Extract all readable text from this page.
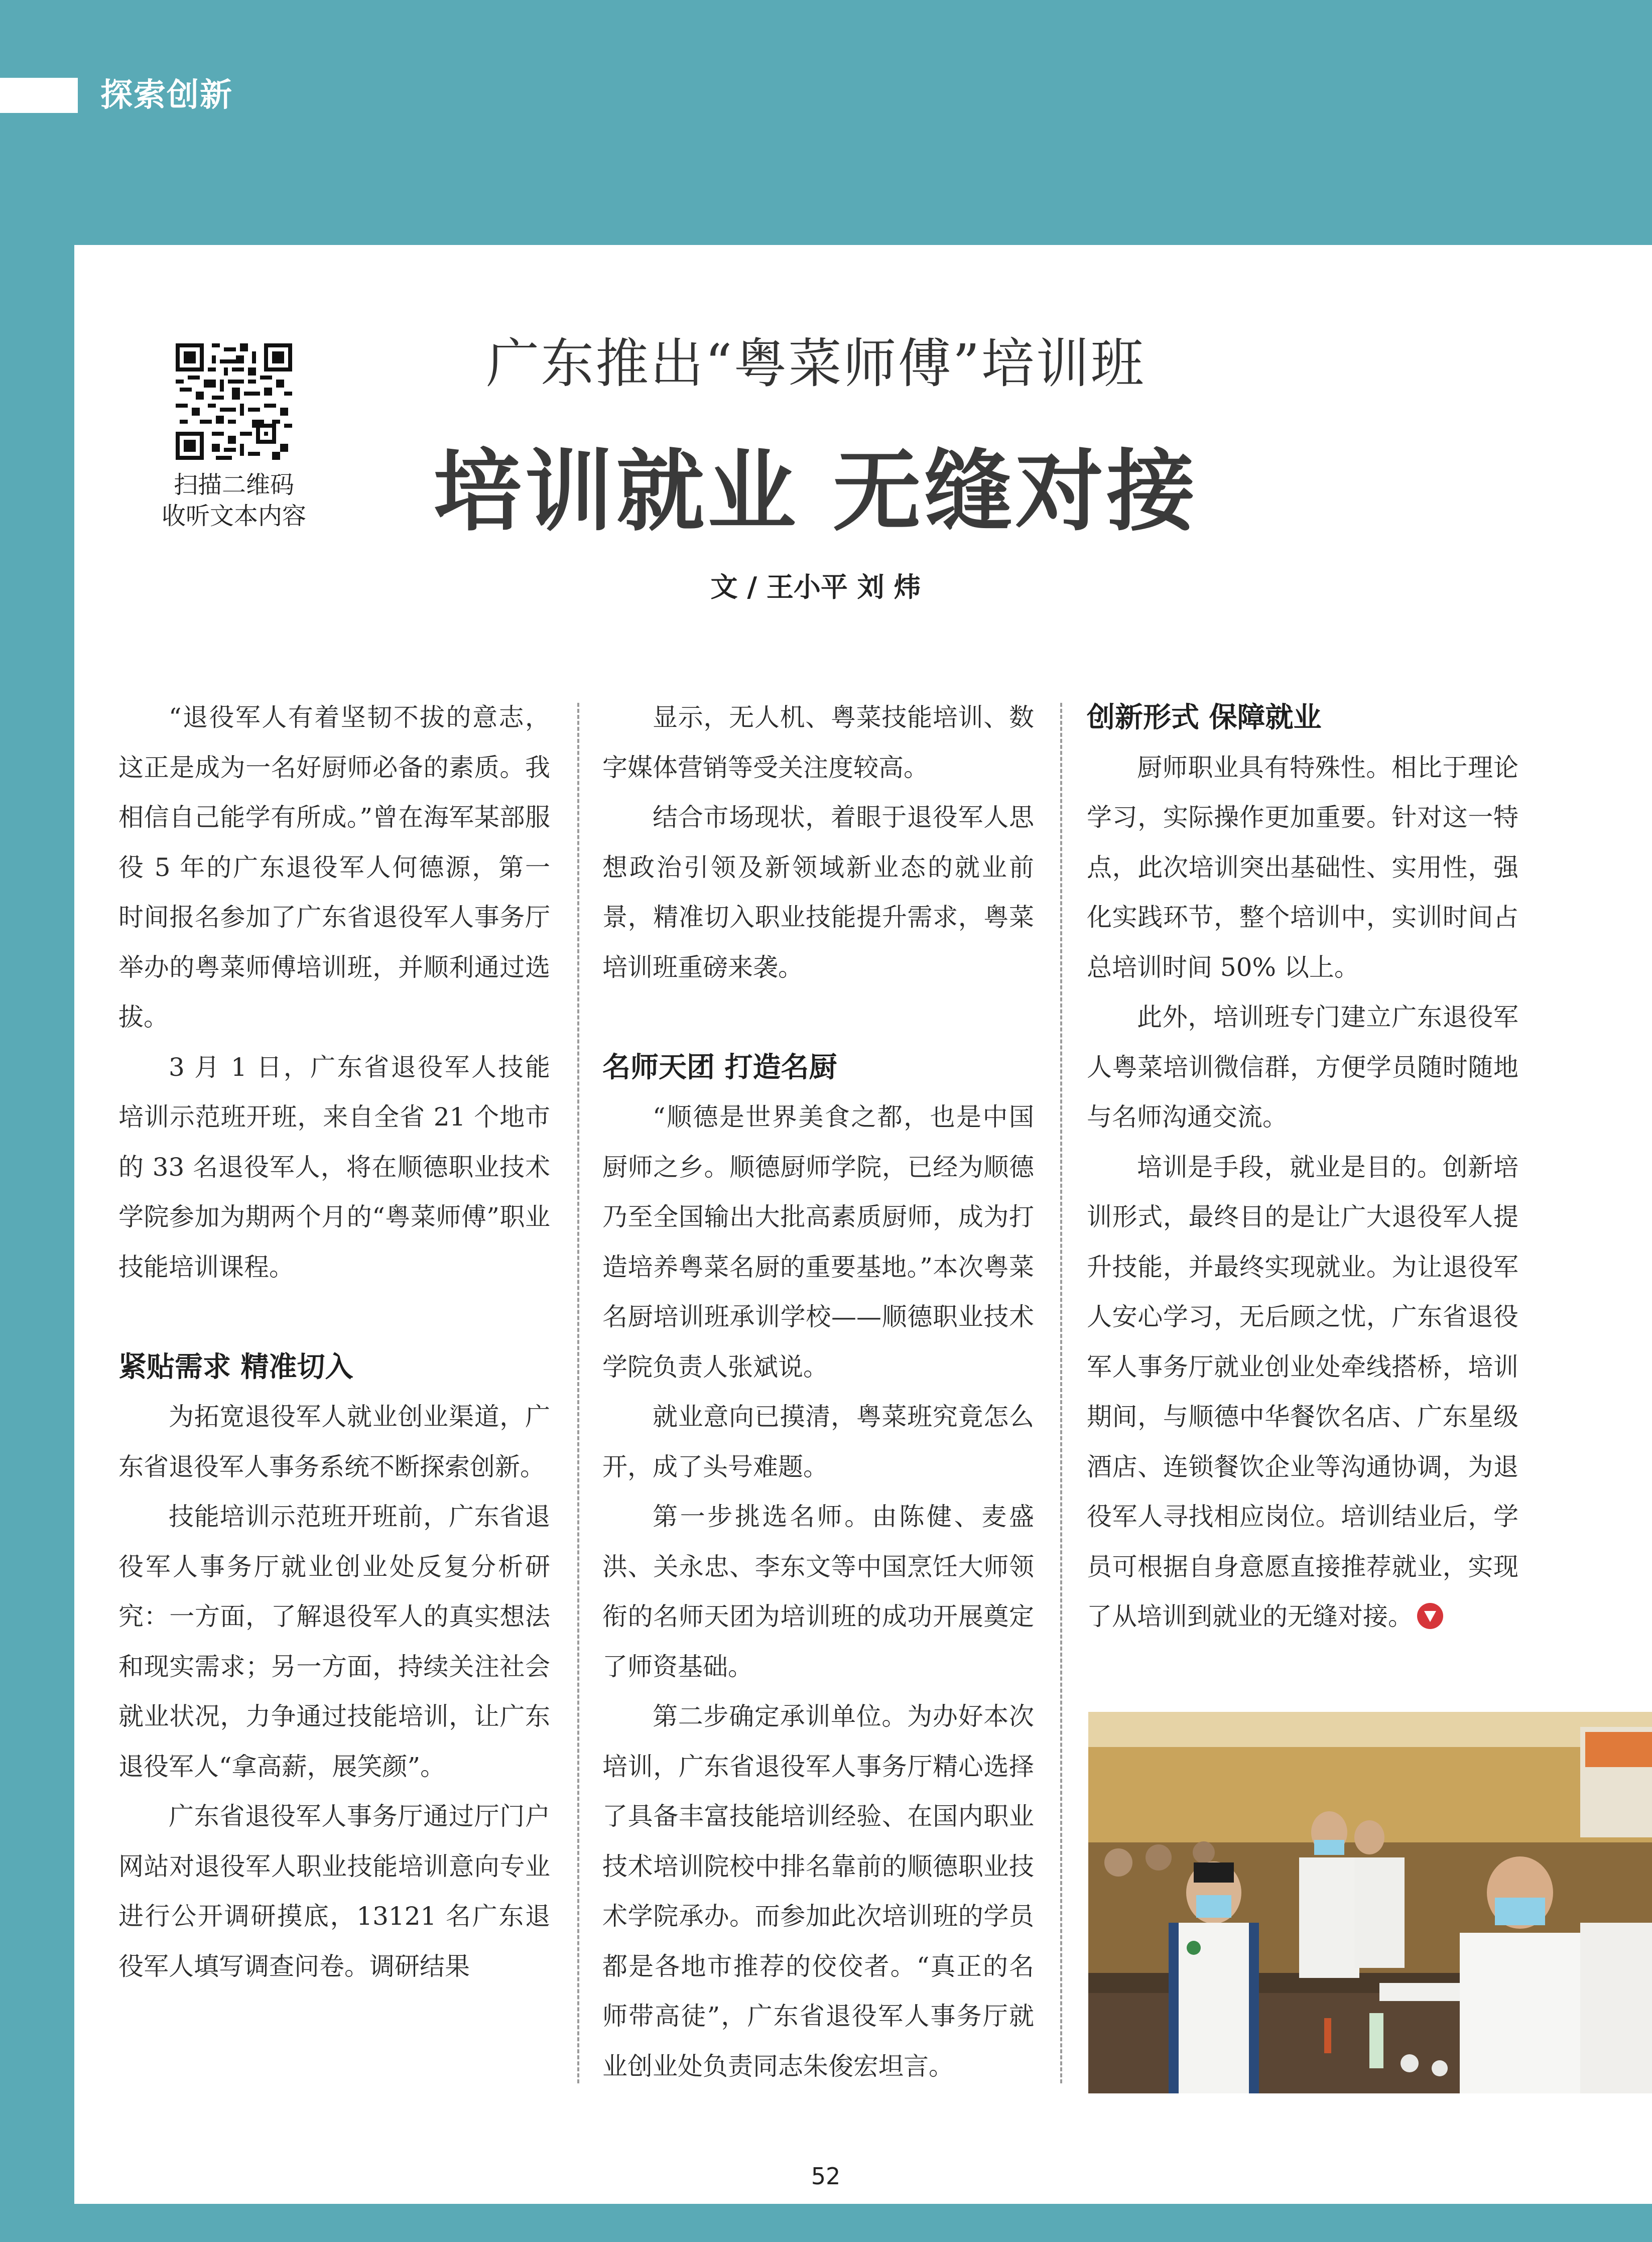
探索创新
扫描二维码
收听文本内容
广东推出“粤菜师傅”培训班
培训就业 无缝对接
文 / 王小平 刘 炜

“退役军人有着坚韧不拔的意志，这正是成为一名好厨师必备的素质。我相信自己能学有所成。”曾在海军某部服役 5 年的广东退役军人何德源，第一时间报名参加了广东省退役军人事务厅举办的粤菜师傅培训班，并顺利通过选拔。

3 月 1 日，广东省退役军人技能培训示范班开班，来自全省 21 个地市的 33 名退役军人，将在顺德职业技术学院参加为期两个月的“粤菜师傅”职业技能培训课程。

紧贴需求 精准切入

为拓宽退役军人就业创业渠道，广东省退役军人事务系统不断探索创新。

技能培训示范班开班前，广东省退役军人事务厅就业创业处反复分析研究：一方面，了解退役军人的真实想法和现实需求；另一方面，持续关注社会就业状况，力争通过技能培训，让广东退役军人“拿高薪，展笑颜”。

广东省退役军人事务厅通过厅门户网站对退役军人职业技能培训意向专业进行公开调研摸底，13121 名广东退役军人填写调查问卷。调研结果

显示，无人机、粤菜技能培训、数字媒体营销等受关注度较高。

结合市场现状，着眼于退役军人思想政治引领及新领域新业态的就业前景，精准切入职业技能提升需求，粤菜培训班重磅来袭。

名师天团 打造名厨

“顺德是世界美食之都，也是中国厨师之乡。顺德厨师学院，已经为顺德乃至全国输出大批高素质厨师，成为打造培养粤菜名厨的重要基地。”本次粤菜名厨培训班承训学校——顺德职业技术学院负责人张斌说。

就业意向已摸清，粤菜班究竟怎么开，成了头号难题。

第一步挑选名师。由陈健、麦盛洪、关永忠、李东文等中国烹饪大师领衔的名师天团为培训班的成功开展奠定了师资基础。

第二步确定承训单位。为办好本次培训，广东省退役军人事务厅精心选择了具备丰富技能培训经验、在国内职业技术培训院校中排名靠前的顺德职业技术学院承办。而参加此次培训班的学员都是各地市推荐的佼佼者。“真正的名师带高徒”，广东省退役军人事务厅就业创业处负责同志朱俊宏坦言。

创新形式 保障就业

厨师职业具有特殊性。相比于理论学习，实际操作更加重要。针对这一特点，此次培训突出基础性、实用性，强化实践环节，整个培训中，实训时间占总培训时间 50% 以上。

此外，培训班专门建立广东退役军人粤菜培训微信群，方便学员随时随地与名师沟通交流。

培训是手段，就业是目的。创新培训形式，最终目的是让广大退役军人提升技能，并最终实现就业。为让退役军人安心学习，无后顾之忧，广东省退役军人事务厅就业创业处牵线搭桥，培训期间，与顺德中华餐饮名店、广东星级酒店、连锁餐饮企业等沟通协调，为退役军人寻找相应岗位。培训结业后，学员可根据自身意愿直接推荐就业，实现了从培训到就业的无缝对接。

52
